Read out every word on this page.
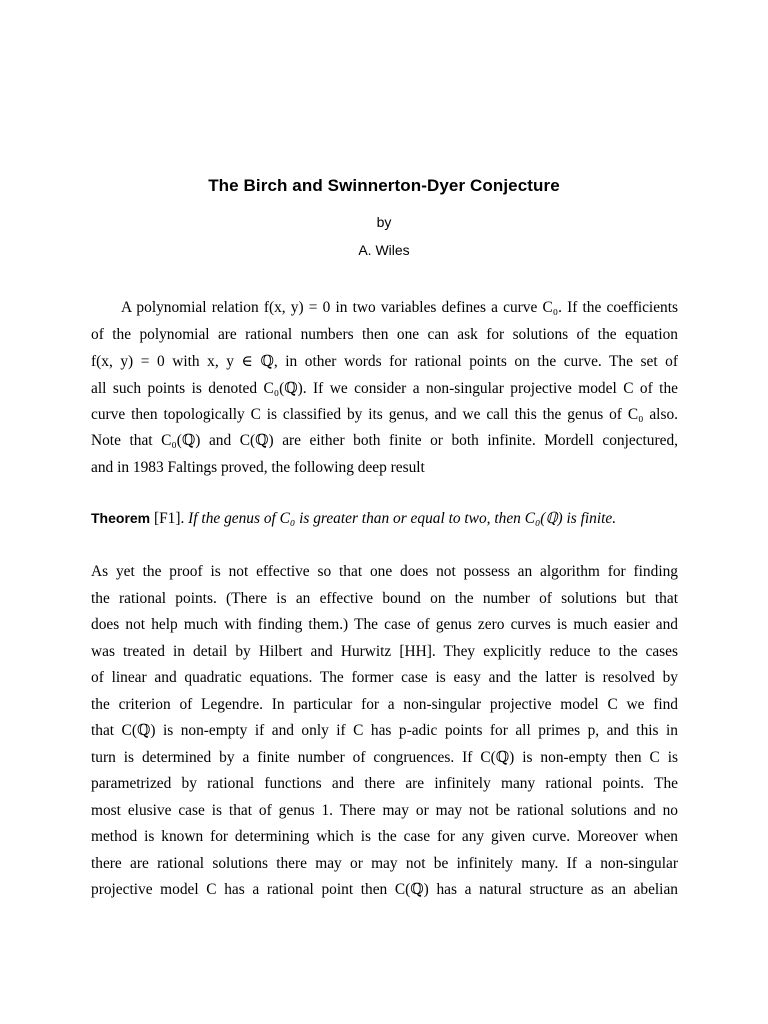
The Birch and Swinnerton-Dyer Conjecture
by
A. Wiles
A polynomial relation f(x, y) = 0 in two variables defines a curve C₀. If the coefficients
of the polynomial are rational numbers then one can ask for solutions of the equation
f(x, y) = 0 with x, y ∈ ℚ, in other words for rational points on the curve. The set of
all such points is denoted C₀(ℚ). If we consider a non-singular projective model C of the
curve then topologically C is classified by its genus, and we call this the genus of C₀ also.
Note that C₀(ℚ) and C(ℚ) are either both finite or both infinite. Mordell conjectured,
and in 1983 Faltings proved, the following deep result
Theorem [F1]. If the genus of C₀ is greater than or equal to two, then C₀(ℚ) is finite.
As yet the proof is not effective so that one does not possess an algorithm for finding
the rational points. (There is an effective bound on the number of solutions but that
does not help much with finding them.) The case of genus zero curves is much easier and
was treated in detail by Hilbert and Hurwitz [HH]. They explicitly reduce to the cases
of linear and quadratic equations. The former case is easy and the latter is resolved by
the criterion of Legendre. In particular for a non-singular projective model C we find
that C(ℚ) is non-empty if and only if C has p-adic points for all primes p, and this in
turn is determined by a finite number of congruences. If C(ℚ) is non-empty then C is
parametrized by rational functions and there are infinitely many rational points. The
most elusive case is that of genus 1. There may or may not be rational solutions and no
method is known for determining which is the case for any given curve. Moreover when
there are rational solutions there may or may not be infinitely many. If a non-singular
projective model C has a rational point then C(ℚ) has a natural structure as an abelian
